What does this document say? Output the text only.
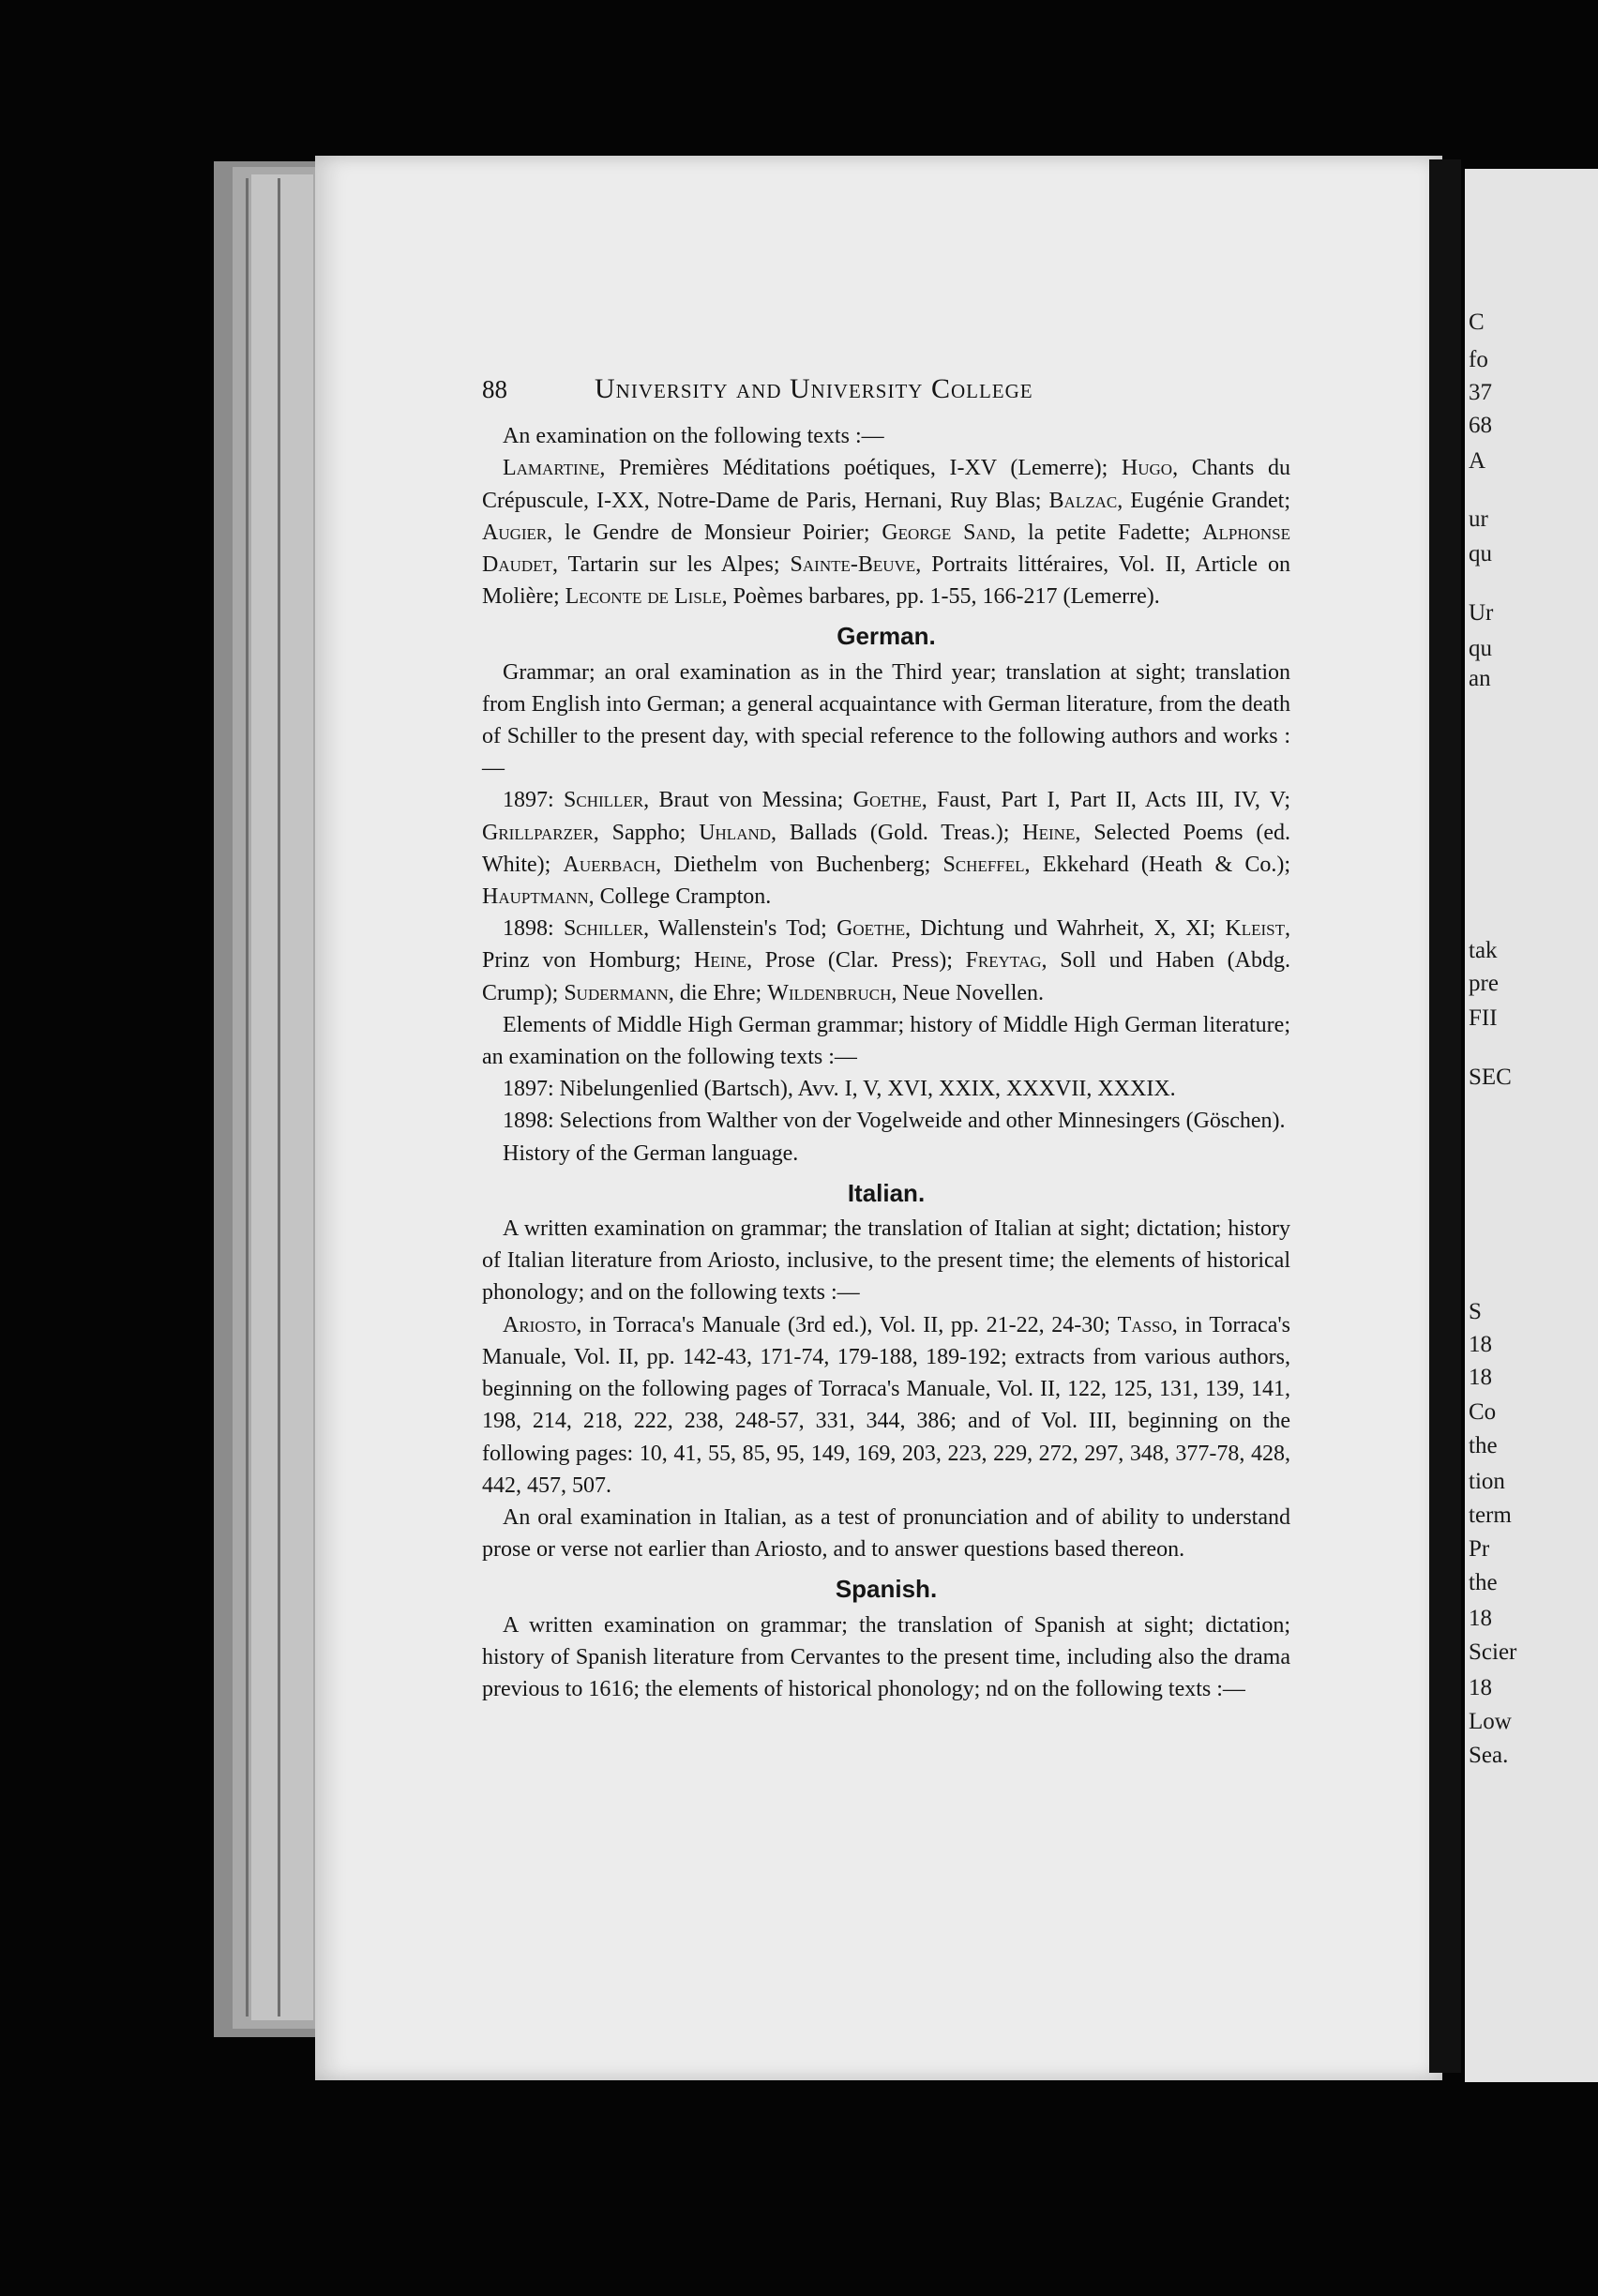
88	University and University College

An examination on the following texts :—

Lamartine, Premières Méditations poétiques, I-XV (Lemerre); Hugo, Chants du Crépuscule, I-XX, Notre-Dame de Paris, Hernani, Ruy Blas; Balzac, Eugénie Grandet; Augier, le Gendre de Monsieur Poirier; George Sand, la petite Fadette; Alphonse Daudet, Tartarin sur les Alpes; Sainte-Beuve, Portraits littéraires, Vol. II, Article on Molière; Leconte de Lisle, Poèmes barbares, pp. 1-55, 166-217 (Lemerre).

German.

Grammar; an oral examination as in the Third year; translation at sight; translation from English into German; a general acquaintance with German literature, from the death of Schiller to the present day, with special reference to the following authors and works :—

1897: Schiller, Braut von Messina; Goethe, Faust, Part I, Part II, Acts III, IV, V; Grillparzer, Sappho; Uhland, Ballads (Gold. Treas.); Heine, Selected Poems (ed. White); Auerbach, Diethelm von Buchenberg; Scheffel, Ekkehard (Heath & Co.); Hauptmann, College Crampton.

1898: Schiller, Wallenstein's Tod; Goethe, Dichtung und Wahrheit, X, XI; Kleist, Prinz von Homburg; Heine, Prose (Clar. Press); Freytag, Soll und Haben (Abdg. Crump); Sudermann, die Ehre; Wildenbruch, Neue Novellen.

Elements of Middle High German grammar; history of Middle High German literature; an examination on the following texts :—

1897: Nibelungenlied (Bartsch), Avv. I, V, XVI, XXIX, XXXVII, XXXIX.

1898: Selections from Walther von der Vogelweide and other Minnesingers (Göschen).

History of the German language.

Italian.

A written examination on grammar; the translation of Italian at sight; dictation; history of Italian literature from Ariosto, inclusive, to the present time; the elements of historical phonology; and on the following texts :—

Ariosto, in Torraca's Manuale (3rd ed.), Vol. II, pp. 21-22, 24-30; Tasso, in Torraca's Manuale, Vol. II, pp. 142-43, 171-74, 179-188, 189-192; extracts from various authors, beginning on the following pages of Torraca's Manuale, Vol. II, 122, 125, 131, 139, 141, 198, 214, 218, 222, 238, 248-57, 331, 344, 386; and of Vol. III, beginning on the following pages: 10, 41, 55, 85, 95, 149, 169, 203, 223, 229, 272, 297, 348, 377-78, 428, 442, 457, 507.

An oral examination in Italian, as a test of pronunciation and of ability to understand prose or verse not earlier than Ariosto, and to answer questions based thereon.

Spanish.

A written examination on grammar; the translation of Spanish at sight; dictation; history of Spanish literature from Cervantes to the present time, including also the drama previous to 1616; the elements of historical phonology; nd on the following texts :—

C
fo
37
68
A
ur
qu
Ur
qu
an
tak
pre
FII
SEC
S
18
18
Co
the
tion
term
Pr
the
18
Scier
18
Low
Sea.
